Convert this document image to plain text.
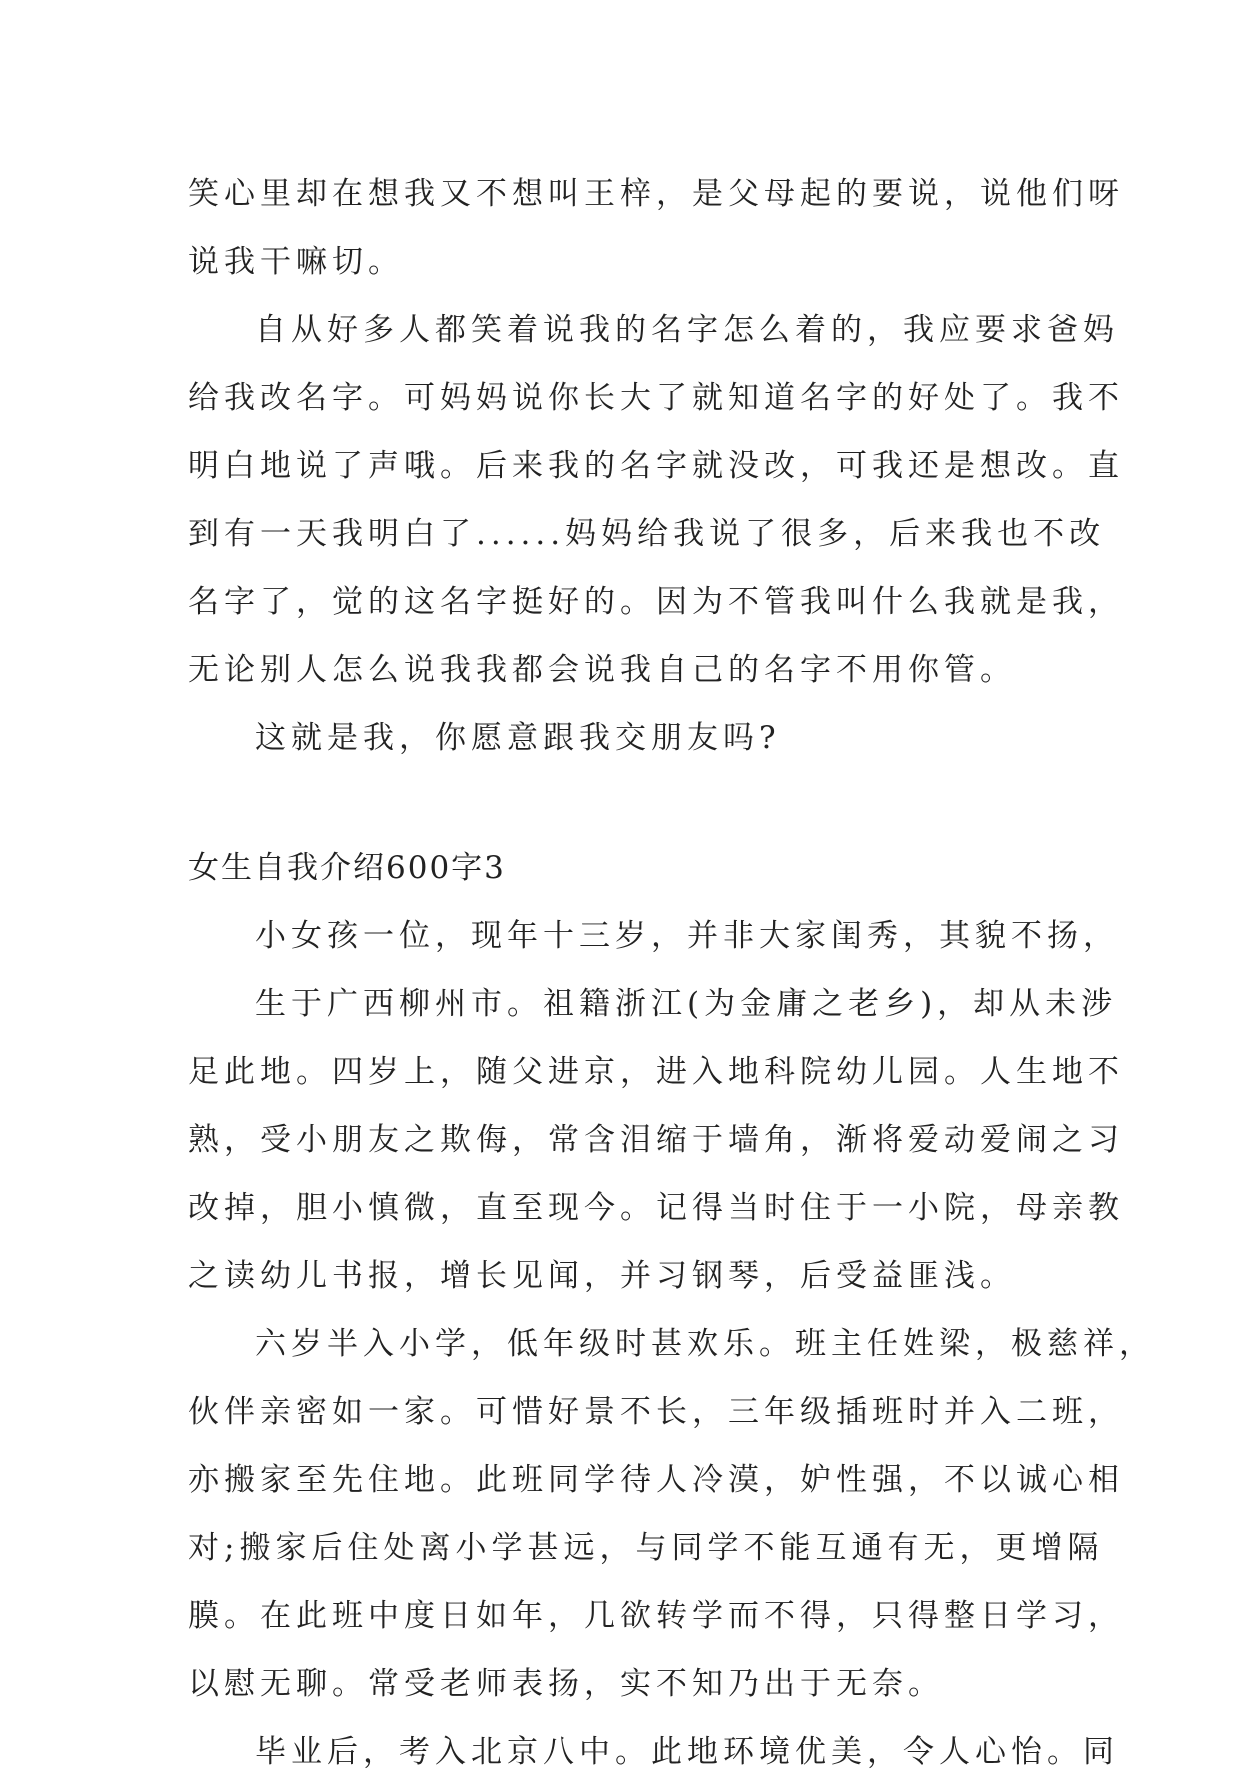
笑心里却在想我又不想叫王梓，是父母起的要说，说他们呀
说我干嘛切。
自从好多人都笑着说我的名字怎么着的，我应要求爸妈
给我改名字。可妈妈说你长大了就知道名字的好处了。我不
明白地说了声哦。后来我的名字就没改，可我还是想改。直
到有一天我明白了......妈妈给我说了很多，后来我也不改
名字了，觉的这名字挺好的。因为不管我叫什么我就是我，
无论别人怎么说我我都会说我自己的名字不用你管。
这就是我，你愿意跟我交朋友吗?
女生自我介绍600字3
小女孩一位，现年十三岁，并非大家闺秀，其貌不扬，
生于广西柳州市。祖籍浙江(为金庸之老乡)，却从未涉
足此地。四岁上，随父进京，进入地科院幼儿园。人生地不
熟，受小朋友之欺侮，常含泪缩于墙角，渐将爱动爱闹之习
改掉，胆小慎微，直至现今。记得当时住于一小院，母亲教
之读幼儿书报，增长见闻，并习钢琴，后受益匪浅。
六岁半入小学，低年级时甚欢乐。班主任姓梁，极慈祥，
伙伴亲密如一家。可惜好景不长，三年级插班时并入二班，
亦搬家至先住地。此班同学待人冷漠，妒性强，不以诚心相
对;搬家后住处离小学甚远，与同学不能互通有无，更增隔
膜。在此班中度日如年，几欲转学而不得，只得整日学习，
以慰无聊。常受老师表扬，实不知乃出于无奈。
毕业后，考入北京八中。此地环境优美，令人心怡。同
